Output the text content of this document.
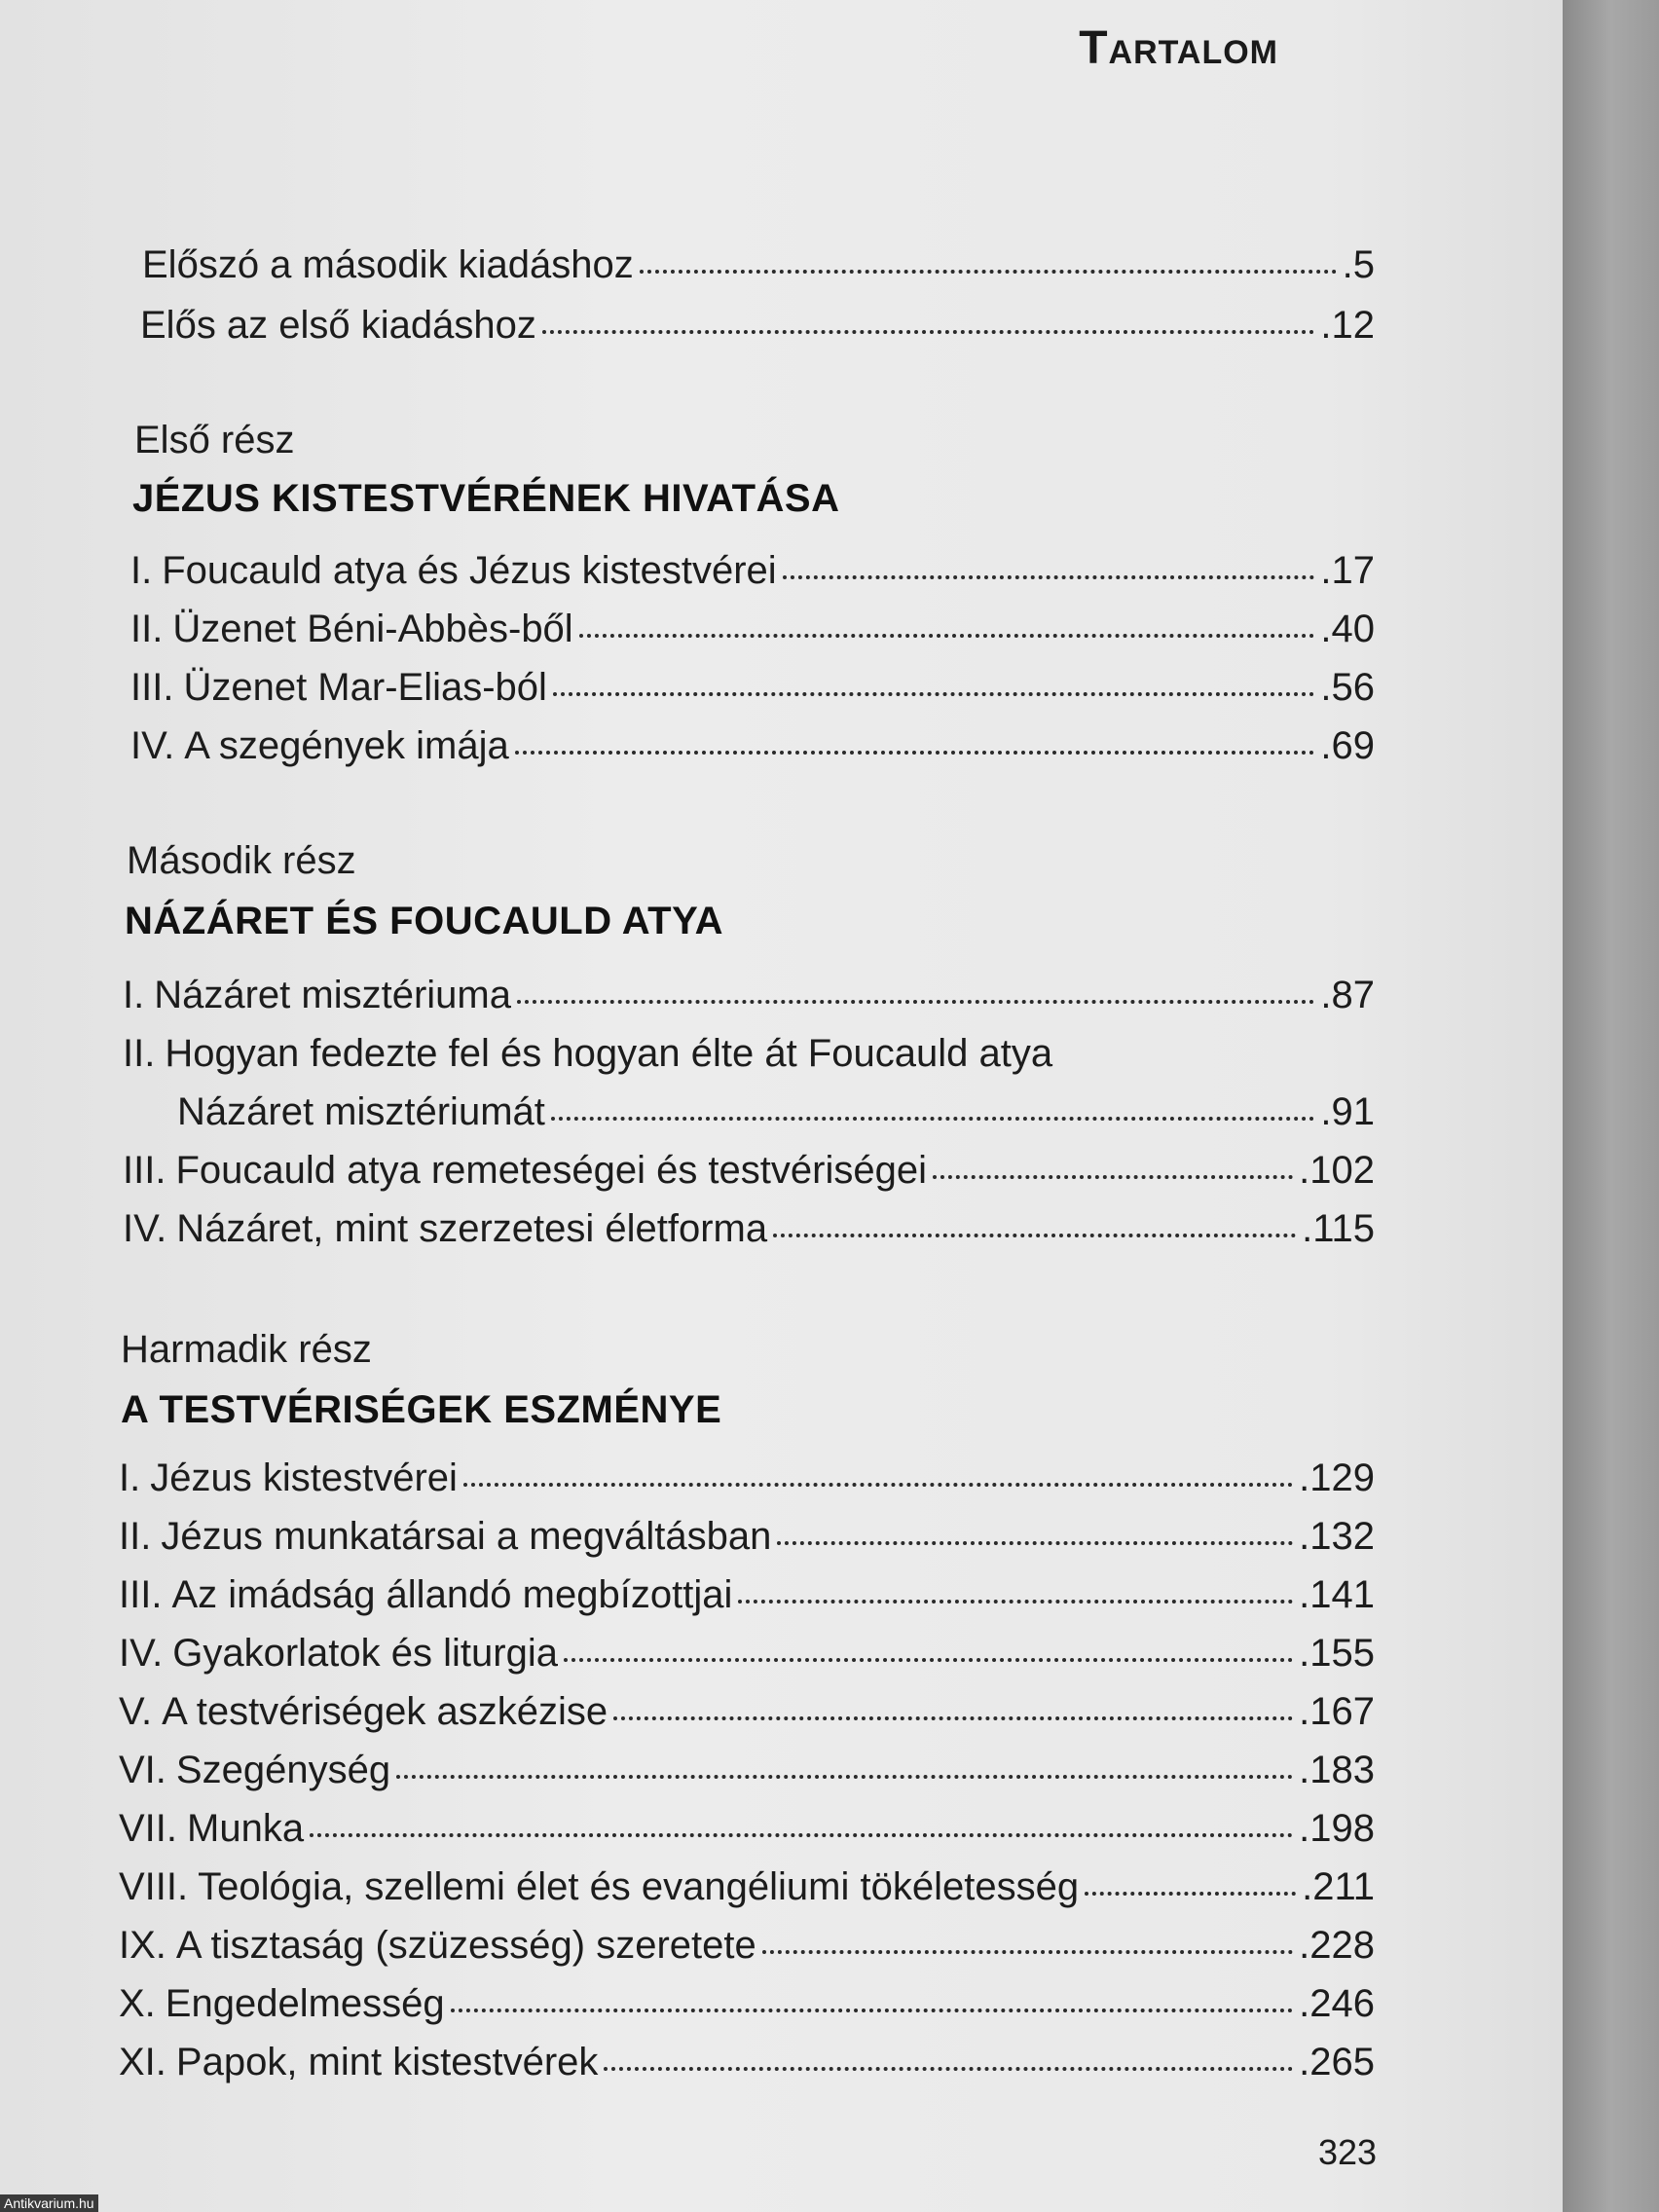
Tartalom
Előszó a második kiadáshoz	.5
Elős az első kiadáshoz	.12
Első rész
JÉZUS KISTESTVÉRÉNEK HIVATÁSA
I. Foucauld atya és Jézus kistestvérei	.17
II. Üzenet Béni-Abbès-ből	.40
III. Üzenet Mar-Elias-ból	.56
IV. A szegények imája	.69
Második rész
NÁZÁRET ÉS FOUCAULD ATYA
I. Názáret misztériuma	.87
II. Hogyan fedezte fel és hogyan élte át Foucauld atya
Názáret misztériumát	.91
III. Foucauld atya remeteségei és testvériségei	.102
IV. Názáret, mint szerzetesi életforma	.115
Harmadik rész
A TESTVÉRISÉGEK ESZMÉNYE
I. Jézus kistestvérei	.129
II. Jézus munkatársai a megváltásban	.132
III. Az imádság állandó megbízottjai	.141
IV. Gyakorlatok és liturgia	.155
V. A testvériségek aszkézise	.167
VI. Szegénység	.183
VII. Munka	.198
VIII. Teológia, szellemi élet és evangéliumi tökéletesség	.211
IX. A tisztaság (szüzesség) szeretete	.228
X. Engedelmesség	.246
XI. Papok, mint kistestvérek	.265
323
Antikvarium.hu
